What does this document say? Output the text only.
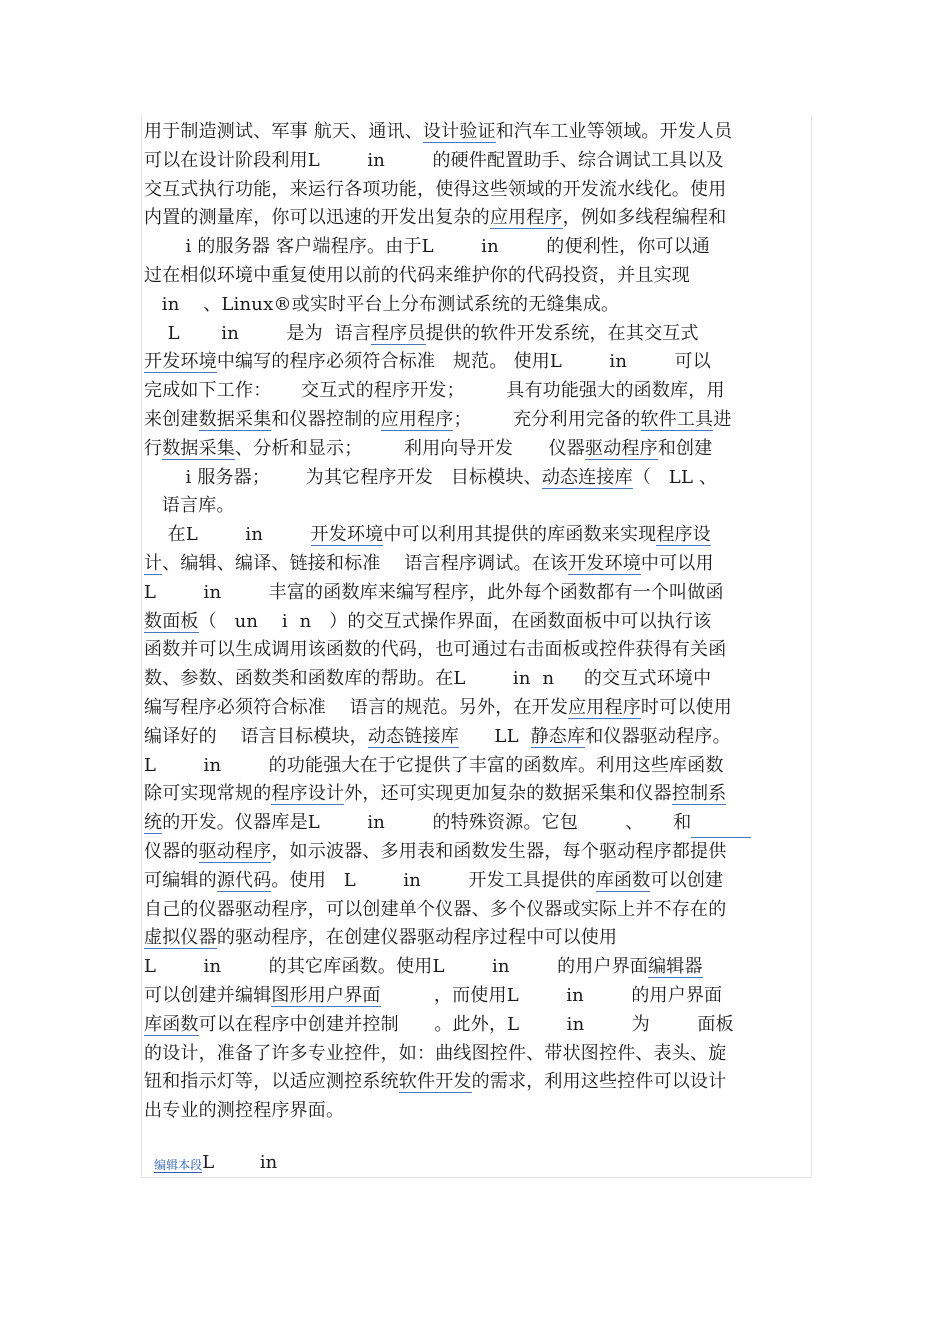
用于制造测试、军事 航天、通讯、设计验证和汽车工业等领域。开发人员
可以在设计阶段利用L        in        的硬件配置助手、综合调试工具以及
交互式执行功能，来运行各项功能，使得这些领域的开发流水线化。使用
内置的测量库，你可以迅速的开发出复杂的应用程序，例如多线程编程和
i 的服务器 客户端程序。由于L        in        的便利性，你可以通
过在相似环境中重复使用以前的代码来维护你的代码投资，并且实现
in    、Linux®或实时平台上分布测试系统的无缝集成。
L       in        是为  语言程序员提供的软件开发系统，在其交互式
开发环境中编写的程序必须符合标准   规范。 使用L        in        可以
完成如下工作：     交互式的程序开发；       具有功能强大的函数库，用
来创建数据采集和仪器控制的应用程序；       充分利用完备的软件工具进
行数据采集、分析和显示；       利用向导开发      仪器驱动程序和创建
i 服务器；      为其它程序开发   目标模块、动态连接库（   LL 、
语言库。
在L        in        开发环境中可以利用其提供的库函数来实现程序设
计、编辑、编译、链接和标准    语言程序调试。在该开发环境中可以用
L        in        丰富的函数库来编写程序，此外每个函数都有一个叫做函
数面板（   un    i  n   ）的交互式操作界面，在函数面板中可以执行该
函数并可以生成调用该函数的代码，也可通过右击面板或控件获得有关函
数、参数、函数类和函数库的帮助。在L        in  n     的交互式环境中
编写程序必须符合标准    语言的规范。另外，在开发应用程序时可以使用
编译好的    语言目标模块，动态链接库      LL  静态库和仪器驱动程序。
L        in        的功能强大在于它提供了丰富的函数库。利用这些库函数
除可实现常规的程序设计外，还可实现更加复杂的数据采集和仪器控制系
统的开发。仪器库是L        in        的特殊资源。它包        、     和
仪器的驱动程序，如示波器、多用表和函数发生器，每个驱动程序都提供
可编辑的源代码。使用   L        in        开发工具提供的库函数可以创建
自己的仪器驱动程序，可以创建单个仪器、多个仪器或实际上并不存在的
虚拟仪器的驱动程序，在创建仪器驱动程序过程中可以使用
L        in        的其它库函数。使用L        in        的用户界面编辑器
可以创建并编辑图形用户界面         ，而使用L        in        的用户界面
库函数可以在程序中创建并控制      。此外，L        in        为        面板
的设计，准备了许多专业控件，如：曲线图控件、带状图控件、表头、旋
钮和指示灯等，以适应测控系统软件开发的需求，利用这些控件可以设计
出专业的测控程序界面。

编辑本段L        in
